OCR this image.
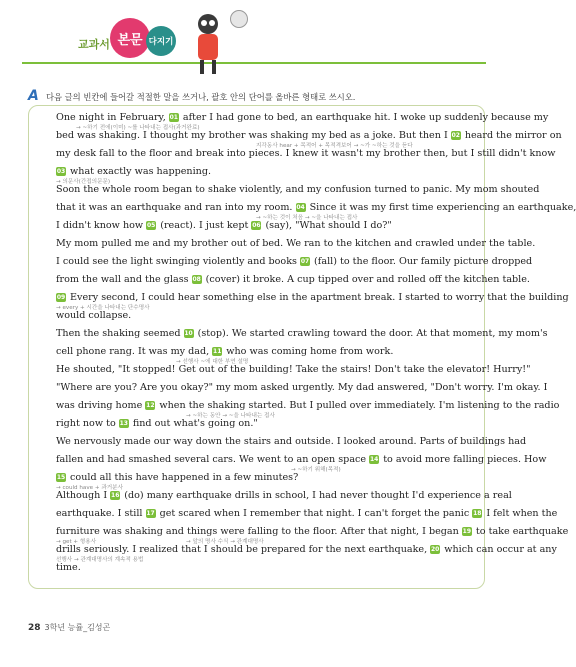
교과서 본문 다지기
A 다음 글의 빈칸에 들어갈 적절한 말을 쓰거나, 괄호 안의 단어를 올바른 형태로 쓰시오.
One night in February, 01 after I had gone to bed, an earthquake hit. I woke up suddenly because my
bed was shaking. I thought my brother was shaking my bed as a joke. But then I 02 heard the mirror on
my desk fall to the floor and break into pieces. I knew it wasn't my brother then, but I still didn't know
03 what exactly was happening.
Soon the whole room began to shake violently, and my confusion turned to panic. My mom shouted
that it was an earthquake and ran into my room. 04 Since it was my first time experiencing an earthquake,
I didn't know how 05 (react). I just kept 06 (say), "What should I do?"
My mom pulled me and my brother out of bed. We ran to the kitchen and crawled under the table.
I could see the light swinging violently and books 07 (fall) to the floor. Our family picture dropped
from the wall and the glass 08 (cover) it broke. A cup tipped over and rolled off the kitchen table.
09 Every second, I could hear something else in the apartment break. I started to worry that the building
would collapse.
Then the shaking seemed 10 (stop). We started crawling toward the door. At that moment, my mom's
cell phone rang. It was my dad, 11 who was coming home from work.
He shouted, "It stopped! Get out of the building! Take the stairs! Don't take the elevator! Hurry!"
"Where are you? Are you okay?" my mom asked urgently. My dad answered, "Don't worry. I'm okay. I
was driving home 12 when the shaking started. But I pulled over immediately. I'm listening to the radio
right now to 13 find out what's going on."
We nervously made our way down the stairs and outside. I looked around. Parts of buildings had
fallen and had smashed several cars. We went to an open space 14 to avoid more falling pieces. How
15 could all this have happened in a few minutes?
Although I 16 (do) many earthquake drills in school, I had never thought I'd experience a real
earthquake. I still 17 get scared when I remember that night. I can't forget the panic 18 I felt when the
furniture was shaking and things were falling to the floor. After that night, I began 19 to take earthquake
drills seriously. I realized that I should be prepared for the next earthquake, 20 which can occur at any
time.
→ ~하기 전에(이미) ~를 나타내는 접사(과거완료)
지각동사 hear + 목적어 + 목적격보어 → ~가 ~하는 것을 듣다
→ 의문사(간접의문문)
→ ~하는 것이 처음 → ~을 나타내는 접사
→ every + 시간을 나타내는 단수명사
→ 선행사 ~에 대한 부연 설명
→ ~하는 동안 → ~을 나타내는 접사
→ ~하기 위해(목적)
→ could have + 과거분사
→ get + 형용사	→ 앞의 명사 수식 → 관계대명사
선행사 → 관계대명사의 계속적 용법
28 3학년 능률_김성곤
